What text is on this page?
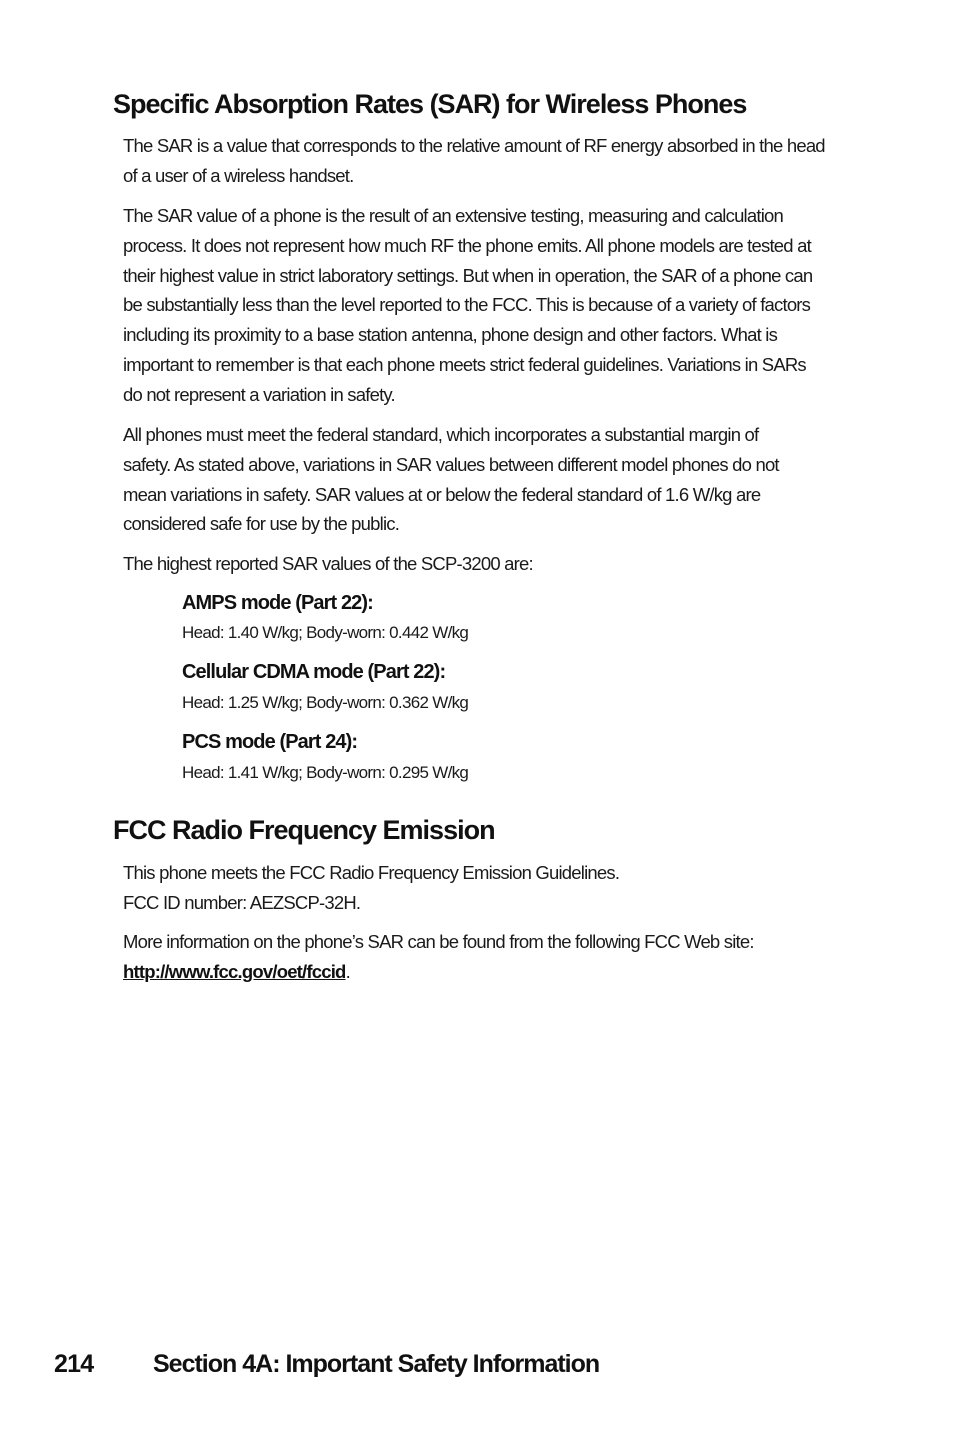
Specific Absorption Rates (SAR) for Wireless Phones

The SAR is a value that corresponds to the relative amount of RF energy absorbed in the head
of a user of a wireless handset.

The SAR value of a phone is the result of an extensive testing, measuring and calculation
process. It does not represent how much RF the phone emits. All phone models are tested at
their highest value in strict laboratory settings. But when in operation, the SAR of a phone can
be substantially less than the level reported to the FCC. This is because of a variety of factors
including its proximity to a base station antenna, phone design and other factors. What is
important to remember is that each phone meets strict federal guidelines. Variations in SARs
do not represent a variation in safety.

All phones must meet the federal standard, which incorporates a substantial margin of
safety. As stated above, variations in SAR values between different model phones do not
mean variations in safety. SAR values at or below the federal standard of 1.6 W/kg are
considered safe for use by the public.

The highest reported SAR values of the SCP-3200 are:

AMPS mode (Part 22):
Head: 1.40 W/kg; Body-worn: 0.442 W/kg
Cellular CDMA mode (Part 22):
Head: 1.25 W/kg; Body-worn: 0.362 W/kg
PCS mode (Part 24):
Head: 1.41 W/kg; Body-worn: 0.295 W/kg
FCC Radio Frequency Emission

This phone meets the FCC Radio Frequency Emission Guidelines.
FCC ID number: AEZSCP-32H.

More information on the phone’s SAR can be found from the following FCC Web site:
http://www.fcc.gov/oet/fccid.

214 Section 4A: Important Safety Information
